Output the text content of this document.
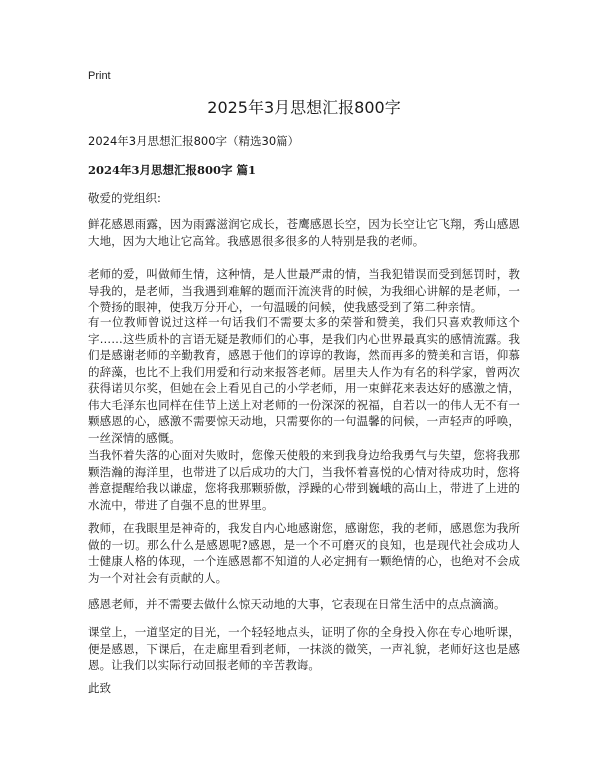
Print
2025年3月思想汇报800字
2024年3月思想汇报800字（精选30篇）
2024年3月思想汇报800字 篇1
敬爱的党组织:

鲜花感恩雨露，因为雨露滋润它成长，苍鹰感恩长空，因为长空让它飞翔，秀山感恩大地，因为大地让它高耸。我感恩很多很多的人特别是我的老师。

老师的爱，叫做师生情，这种情，是人世最严肃的情，当我犯错误而受到惩罚时，教导我的，是老师，当我遇到难解的题而汗流浃背的时候，为我细心讲解的是老师，一个赞扬的眼神，使我万分开心，一句温暖的问候，使我感受到了第二种亲情。

有一位教师曾说过这样一句话我们不需要太多的荣誉和赞美，我们只喜欢教师这个字……这些质朴的言语无疑是教师们的心事，是我们内心世界最真实的感情流露。我们是感谢老师的辛勤教育，感恩于他们的谆谆的教诲，然而再多的赞美和言语，仰慕的辞藻，也比不上我们用爱和行动来报答老师。居里夫人作为有名的科学家，曾两次获得诺贝尔奖，但她在会上看见自己的小学老师，用一束鲜花来表达好的感激之情，伟大毛泽东也同样在佳节上送上对老师的一份深深的祝福，自若以一的伟人无不有一颗感恩的心，感激不需要惊天动地，只需要你的一句温馨的问候，一声轻声的呼唤，一丝深情的感慨。

当我怀着失落的心面对失败时，您像天使般的来到我身边给我勇气与失望，您将我那颗浩瀚的海洋里，也带进了以后成功的大门，当我怀着喜悦的心情对待成功时，您将善意提醒给我以谦虚，您将我那颗骄傲，浮躁的心带到巍峨的高山上，带进了上进的水流中，带进了自强不息的世界里。

教师，在我眼里是神奇的，我发自内心地感谢您，感谢您，我的老师，感恩您为我所做的一切。那么什么是感恩呢?感恩，是一个不可磨灭的良知，也是现代社会成功人士健康人格的体现，一个连感恩都不知道的人必定拥有一颗绝情的心，也绝对不会成为一个对社会有贡献的人。

感恩老师，并不需要去做什么惊天动地的大事，它表现在日常生活中的点点滴滴。

课堂上，一道坚定的目光，一个轻轻地点头，证明了你的全身投入你在专心地听课，便是感恩，下课后，在走廊里看到老师，一抹淡的微笑，一声礼貌，老师好这也是感恩。让我们以实际行动回报老师的辛苦教诲。

此致
